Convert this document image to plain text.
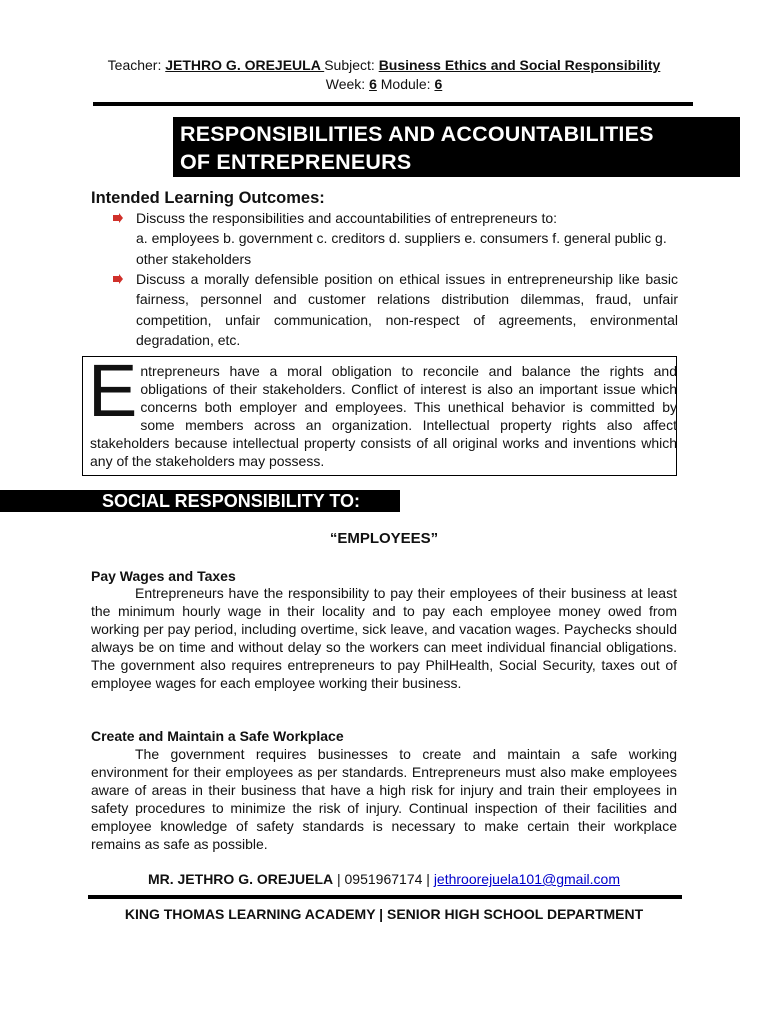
Teacher: JETHRO G. OREJEULA Subject: Business Ethics and Social Responsibility
Week: 6 Module: 6
RESPONSIBILITIES AND ACCOUNTABILITIES
OF ENTREPRENEURS
Intended Learning Outcomes:
Discuss the responsibilities and accountabilities of entrepreneurs to:
a. employees b. government c. creditors d. suppliers e. consumers f. general public g. other stakeholders
Discuss a morally defensible position on ethical issues in entrepreneurship like basic fairness, personnel and customer relations distribution dilemmas, fraud, unfair competition, unfair communication, non-respect of agreements, environmental degradation, etc.
Entrepreneurs have a moral obligation to reconcile and balance the rights and obligations of their stakeholders. Conflict of interest is also an important issue which concerns both employer and employees. This unethical behavior is committed by some members across an organization. Intellectual property rights also affect stakeholders because intellectual property consists of all original works and inventions which any of the stakeholders may possess.
SOCIAL RESPONSIBILITY TO:
“EMPLOYEES”
Pay Wages and Taxes
Entrepreneurs have the responsibility to pay their employees of their business at least the minimum hourly wage in their locality and to pay each employee money owed from working per pay period, including overtime, sick leave, and vacation wages. Paychecks should always be on time and without delay so the workers can meet individual financial obligations. The government also requires entrepreneurs to pay PhilHealth, Social Security, taxes out of employee wages for each employee working their business.
Create and Maintain a Safe Workplace
The government requires businesses to create and maintain a safe working environment for their employees as per standards. Entrepreneurs must also make employees aware of areas in their business that have a high risk for injury and train their employees in safety procedures to minimize the risk of injury. Continual inspection of their facilities and employee knowledge of safety standards is necessary to make certain their workplace remains as safe as possible.
MR. JETHRO G. OREJUELA | 0951967174 | jethroorejuela101@gmail.com
KING THOMAS LEARNING ACADEMY | SENIOR HIGH SCHOOL DEPARTMENT
